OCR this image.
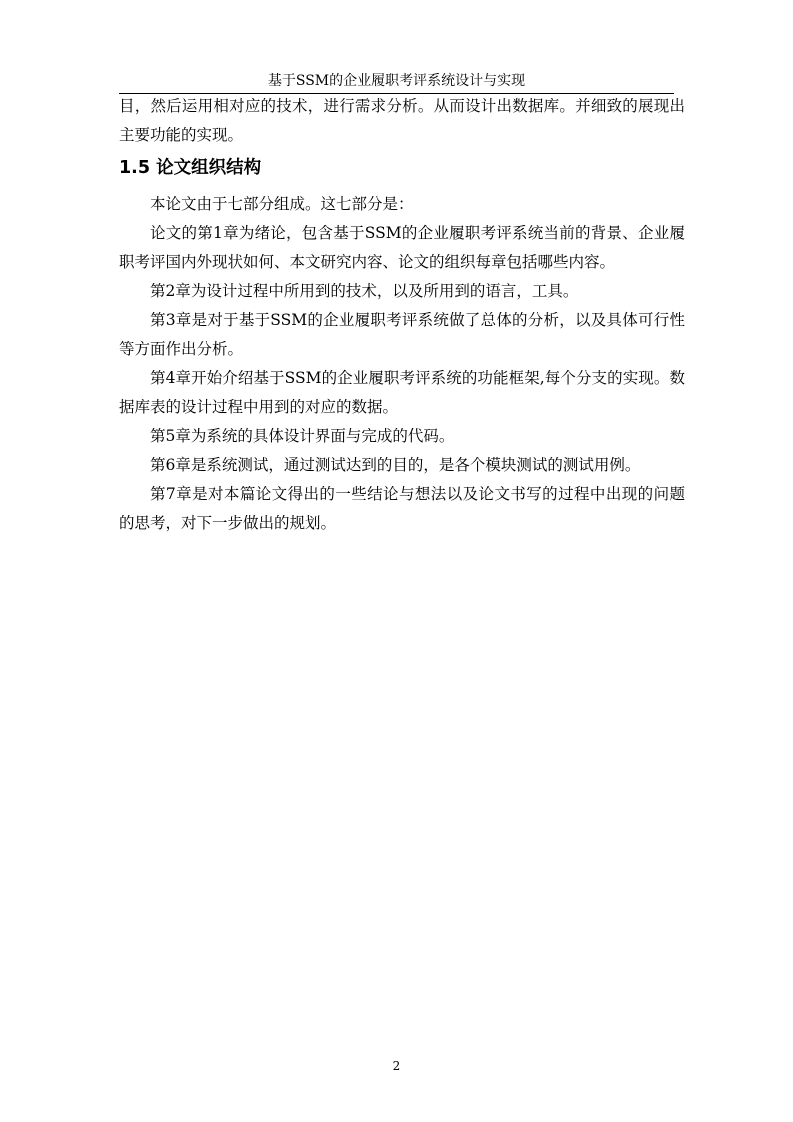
基于SSM的企业履职考评系统设计与实现

目，然后运用相对应的技术，进行需求分析。从而设计出数据库。并细致的展现出主要功能的实现。

1.5 论文组织结构

本论文由于七部分组成。这七部分是：

论文的第1章为绪论，包含基于SSM的企业履职考评系统当前的背景、企业履职考评国内外现状如何、本文研究内容、论文的组织每章包括哪些内容。

第2章为设计过程中所用到的技术，以及所用到的语言，工具。

第3章是对于基于SSM的企业履职考评系统做了总体的分析，以及具体可行性等方面作出分析。

第4章开始介绍基于SSM的企业履职考评系统的功能框架,每个分支的实现。数据库表的设计过程中用到的对应的数据。

第5章为系统的具体设计界面与完成的代码。

第6章是系统测试，通过测试达到的目的，是各个模块测试的测试用例。

第7章是对本篇论文得出的一些结论与想法以及论文书写的过程中出现的问题的思考，对下一步做出的规划。

2
